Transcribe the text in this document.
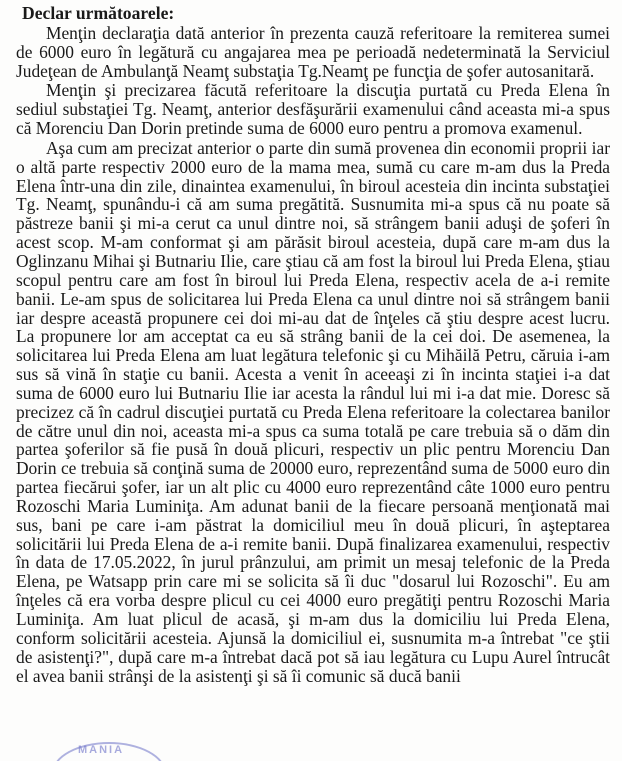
Declar următoarele:

Menţin declaraţia dată anterior în prezenta cauză referitoare la remiterea sumei de 6000 euro în legătură cu angajarea mea pe perioadă nedeterminată la Serviciul Judeţean de Ambulanţă Neamţ substaţia Tg.Neamţ pe funcţia de şofer autosanitară.

Menţin şi precizarea făcută referitoare la discuţia purtată cu Preda Elena în sediul substaţiei Tg. Neamţ, anterior desfăşurării examenului când aceasta mi-a spus că Morenciu Dan Dorin pretinde suma de 6000 euro pentru a promova examenul.

Aşa cum am precizat anterior o parte din sumă provenea din economii proprii iar o altă parte respectiv 2000 euro de la mama mea, sumă cu care m-am dus la Preda Elena într-una din zile, dinaintea examenului, în biroul acesteia din incinta substaţiei Tg. Neamţ, spunându-i că am suma pregătită. Susnumita mi-a spus că nu poate să păstreze banii şi mi-a cerut ca unul dintre noi, să strângem banii aduşi de şoferi în acest scop. M-am conformat şi am părăsit biroul acesteia, după care m-am dus la Oglinzanu Mihai şi Butnariu Ilie, care ştiau că am fost la biroul lui Preda Elena, ştiau scopul pentru care am fost în biroul lui Preda Elena, respectiv acela de a-i remite banii. Le-am spus de solicitarea lui Preda Elena ca unul dintre noi să strângem banii iar despre această propunere cei doi mi-au dat de înţeles că ştiu despre acest lucru. La propunere lor am acceptat ca eu să strâng banii de la cei doi. De asemenea, la solicitarea lui Preda Elena am luat legătura telefonic şi cu Mihăilă Petru, căruia i-am sus să vină în staţie cu banii. Acesta a venit în aceeaşi zi în incinta staţiei i-a dat suma de 6000 euro lui Butnariu Ilie iar acesta la rândul lui mi i-a dat mie. Doresc să precizez că în cadrul discuţiei purtată cu Preda Elena referitoare la colectarea banilor de către unul din noi, aceasta mi-a spus ca suma totală pe care trebuia să o dăm din partea şoferilor să fie pusă în două plicuri, respectiv un plic pentru Morenciu Dan Dorin ce trebuia să conţină suma de 20000 euro, reprezentând suma de 5000 euro din partea fiecărui şofer, iar un alt plic cu 4000 euro reprezentând câte 1000 euro pentru Rozoschi Maria Luminiţa. Am adunat banii de la fiecare persoană menţionată mai sus, bani pe care i-am păstrat la domiciliul meu în două plicuri, în aşteptarea solicitării lui Preda Elena de a-i remite banii. După finalizarea examenului, respectiv în data de 17.05.2022, în jurul prânzului, am primit un mesaj telefonic de la Preda Elena, pe Watsapp prin care mi se solicita să îi duc "dosarul lui Rozoschi". Eu am înţeles că era vorba despre plicul cu cei 4000 euro pregătiţi pentru Rozoschi Maria Luminiţa. Am luat plicul de acasă, şi m-am dus la domiciliu lui Preda Elena, conform solicitării acesteia. Ajunsă la domiciliul ei, susnumita m-a întrebat "ce ştii de asistenţi?", după care m-a întrebat dacă pot să iau legătura cu Lupu Aurel întrucât el avea banii strânşi de la asistenţi şi să îi comunic să ducă banii

MANIA
